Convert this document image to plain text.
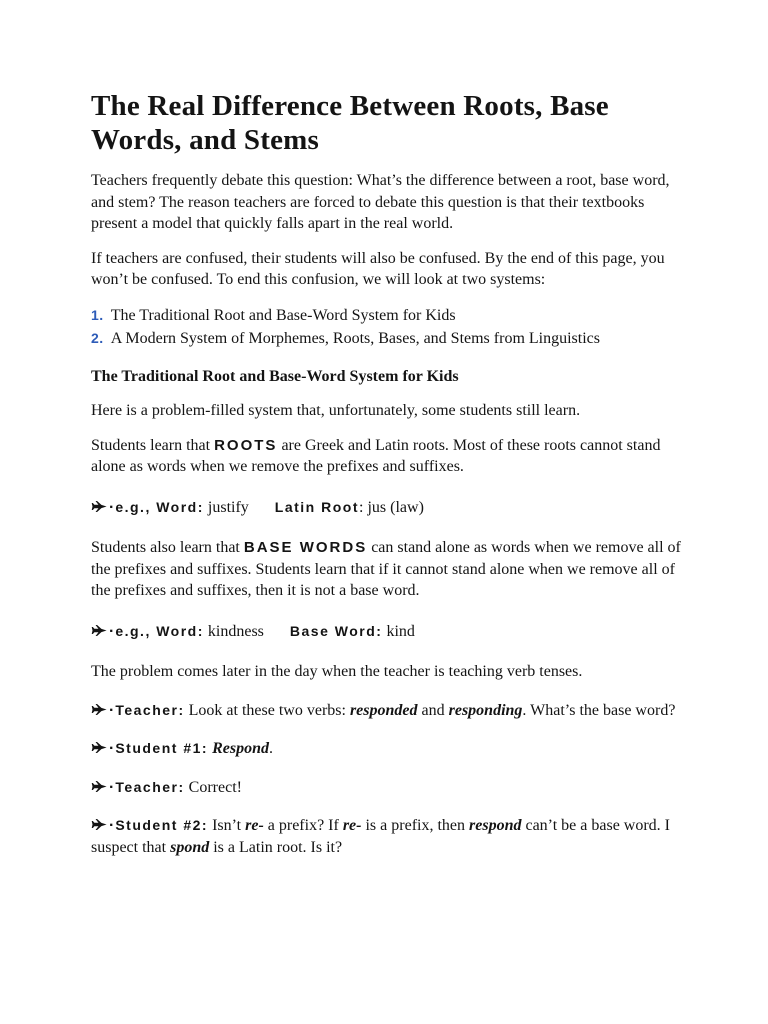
The Real Difference Between Roots, Base
Words, and Stems

Teachers frequently debate this question: What’s the difference between a root, base word, and stem? The reason teachers are forced to debate this question is that their textbooks present a model that quickly falls apart in the real world.

If teachers are confused, their students will also be confused. By the end of this page, you won’t be confused. To end this confusion, we will look at two systems:

1. The Traditional Root and Base-Word System for Kids
2. A Modern System of Morphemes, Roots, Bases, and Stems from Linguistics
The Traditional Root and Base-Word System for Kids

Here is a problem-filled system that, unfortunately, some students still learn.

Students learn that ROOTS are Greek and Latin roots. Most of these roots cannot stand alone as words when we remove the prefixes and suffixes.

·e.g., Word: justify Latin Root: jus (law)

Students also learn that BASE WORDS can stand alone as words when we remove all of the prefixes and suffixes. Students learn that if it cannot stand alone when we remove all of the prefixes and suffixes, then it is not a base word.

·e.g., Word: kindness Base Word: kind

The problem comes later in the day when the teacher is teaching verb tenses.

·Teacher: Look at these two verbs: responded and responding. What’s the base word?

·Student #1: Respond.

·Teacher: Correct!

·Student #2: Isn’t re- a prefix? If re- is a prefix, then respond can’t be a base word. I suspect that spond is a Latin root. Is it?
